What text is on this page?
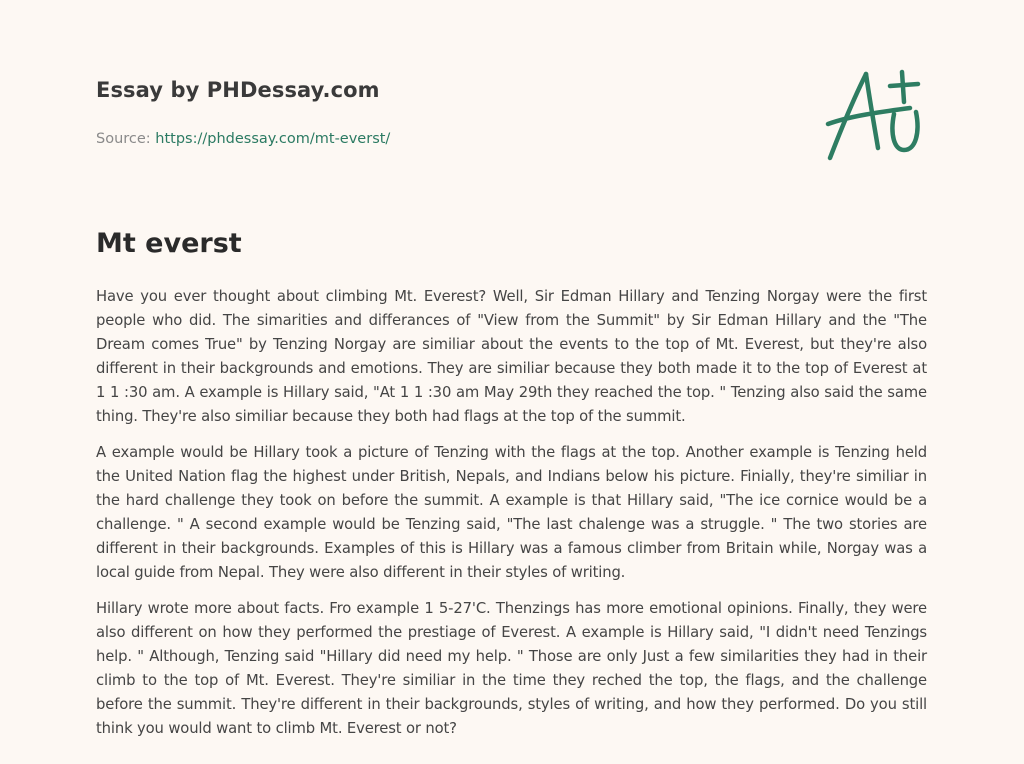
Essay by PHDessay.com
Source: https://phdessay.com/mt-everst/
Mt everst

Have you ever thought about climbing Mt. Everest? Well, Sir Edman Hillary and Tenzing Norgay were the first people who did. The simarities and differances of "View from the Summit" by Sir Edman Hillary and the "The Dream comes True" by Tenzing Norgay are similiar about the events to the top of Mt. Everest, but they're also different in their backgrounds and emotions. They are similiar because they both made it to the top of Everest at 1 1 :30 am. A example is Hillary said, "At 1 1 :30 am May 29th they reached the top. " Tenzing also said the same thing. They're also similiar because they both had flags at the top of the summit.

A example would be Hillary took a picture of Tenzing with the flags at the top. Another example is Tenzing held the United Nation flag the highest under British, Nepals, and Indians below his picture. Finially, they're similiar in the hard challenge they took on before the summit. A example is that Hillary said, "The ice cornice would be a challenge. " A second example would be Tenzing said, "The last chalenge was a struggle. " The two stories are different in their backgrounds. Examples of this is Hillary was a famous climber from Britain while, Norgay was a local guide from Nepal. They were also different in their styles of writing.

Hillary wrote more about facts. Fro example 1 5-27'C. Thenzings has more emotional opinions. Finally, they were also different on how they performed the prestiage of Everest. A example is Hillary said, "I didn't need Tenzings help. " Although, Tenzing said "Hillary did need my help. " Those are only Just a few similarities they had in their climb to the top of Mt. Everest. They're similiar in the time they reched the top, the flags, and the challenge before the summit. They're different in their backgrounds, styles of writing, and how they performed. Do you still think you would want to climb Mt. Everest or not?
